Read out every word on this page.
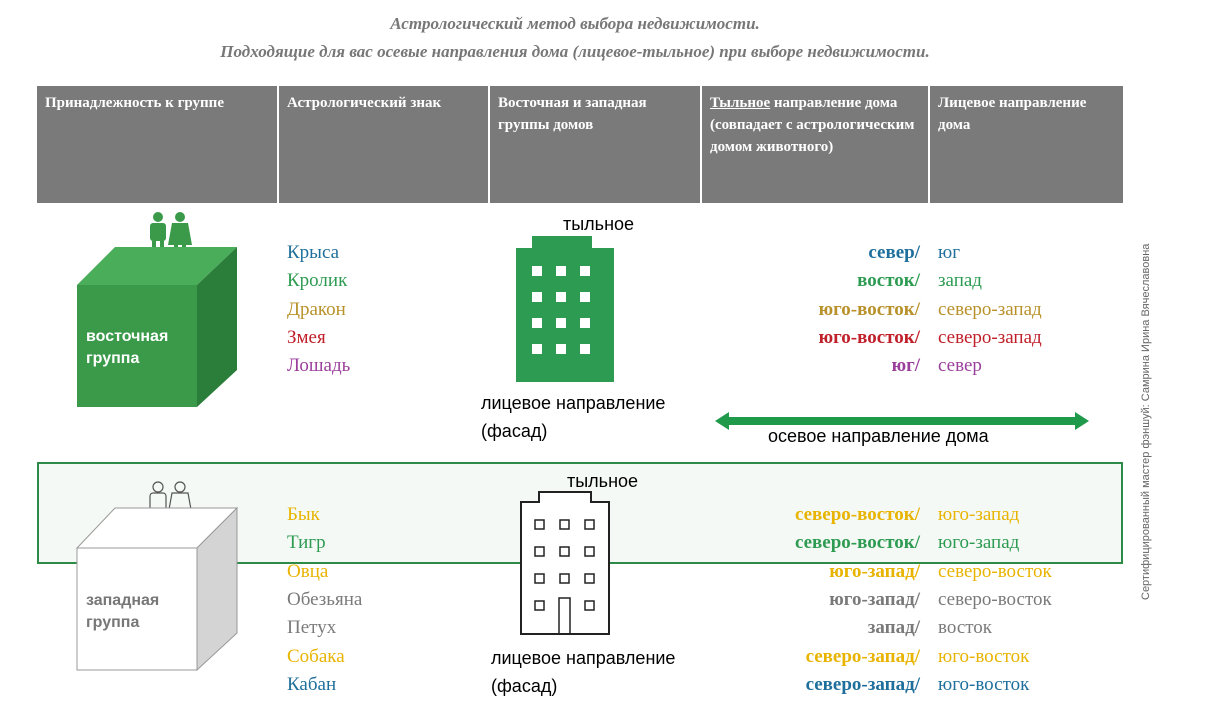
Астрологический метод выбора недвижимости.
Подходящие для вас осевые направления дома (лицевое-тыльное) при выборе недвижимости.
Принадлежность к группе	Астрологический знак	Восточная и западная группы домов
Тыльное направление дома (совпадает с астрологическим домом животного)
Лицевое направление дома
восточная
группа
тыльное
лицевое направление
(фасад)
Крыса	север/ юг
Кролик	восток/ запад
Дракон	юго-восток/ северо-запад
Змея	юго-восток/ северо-запад
Лошадь	юг/ север
осевое направление дома
западная
группа
тыльное
лицевое направление
(фасад)
Бык	северо-восток/ юго-запад
Тигр	северо-восток/ юго-запад
Овца	юго-запад/ северо-восток
Обезьяна	юго-запад/ северо-восток
Петух	запад/ восток
Собака	северо-запад/ юго-восток
Кабан	северо-запад/ юго-восток
Сертифицированный мастер фэншуй: Самрина Ирина Вячеславовна
